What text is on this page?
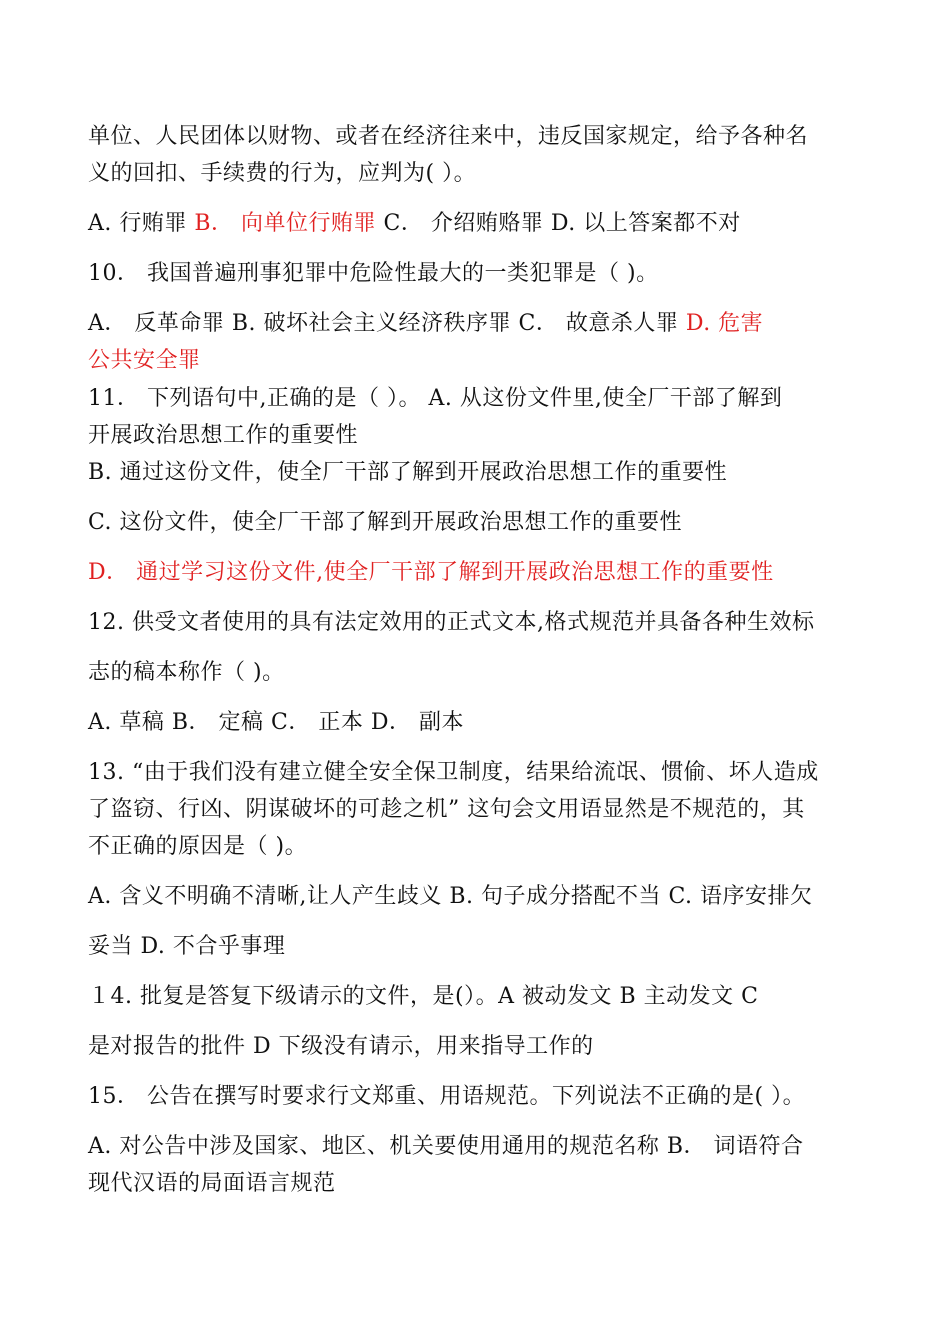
单位、人民团体以财物、或者在经济往来中，违反国家规定，给予各种名
义的回扣、手续费的行为，应判为( ）。
A. 行贿罪 B． 向单位行贿罪 C． 介绍贿赂罪 D. 以上答案都不对
10． 我国普遍刑事犯罪中危险性最大的一类犯罪是（ )。
A． 反革命罪 B. 破坏社会主义经济秩序罪 C． 故意杀人罪 D. 危害
公共安全罪
11． 下列语句中,正确的是（ ）。 A. 从这份文件里,使全厂干部了解到
开展政治思想工作的重要性
B. 通过这份文件，使全厂干部了解到开展政治思想工作的重要性
C. 这份文件，使全厂干部了解到开展政治思想工作的重要性
D． 通过学习这份文件,使全厂干部了解到开展政治思想工作的重要性
12. 供受文者使用的具有法定效用的正式文本,格式规范并具备各种生效标
志的稿本称作（ )。
A. 草稿 B． 定稿 C． 正本 D． 副本
13. “由于我们没有建立健全安全保卫制度，结果给流氓、惯偷、坏人造成
了盗窃、行凶、阴谋破坏的可趁之机” 这句会文用语显然是不规范的，其
不正确的原因是（ )。
A. 含义不明确不清晰,让人产生歧义 B. 句子成分搭配不当 C. 语序安排欠
妥当 D. 不合乎事理
１4. 批复是答复下级请示的文件，是(）。A 被动发文 B 主动发文 C
是对报告的批件 D 下级没有请示，用来指导工作的
15． 公告在撰写时要求行文郑重、用语规范。下列说法不正确的是( ）。
A. 对公告中涉及国家、地区、机关要使用通用的规范名称 B． 词语符合
现代汉语的局面语言规范
